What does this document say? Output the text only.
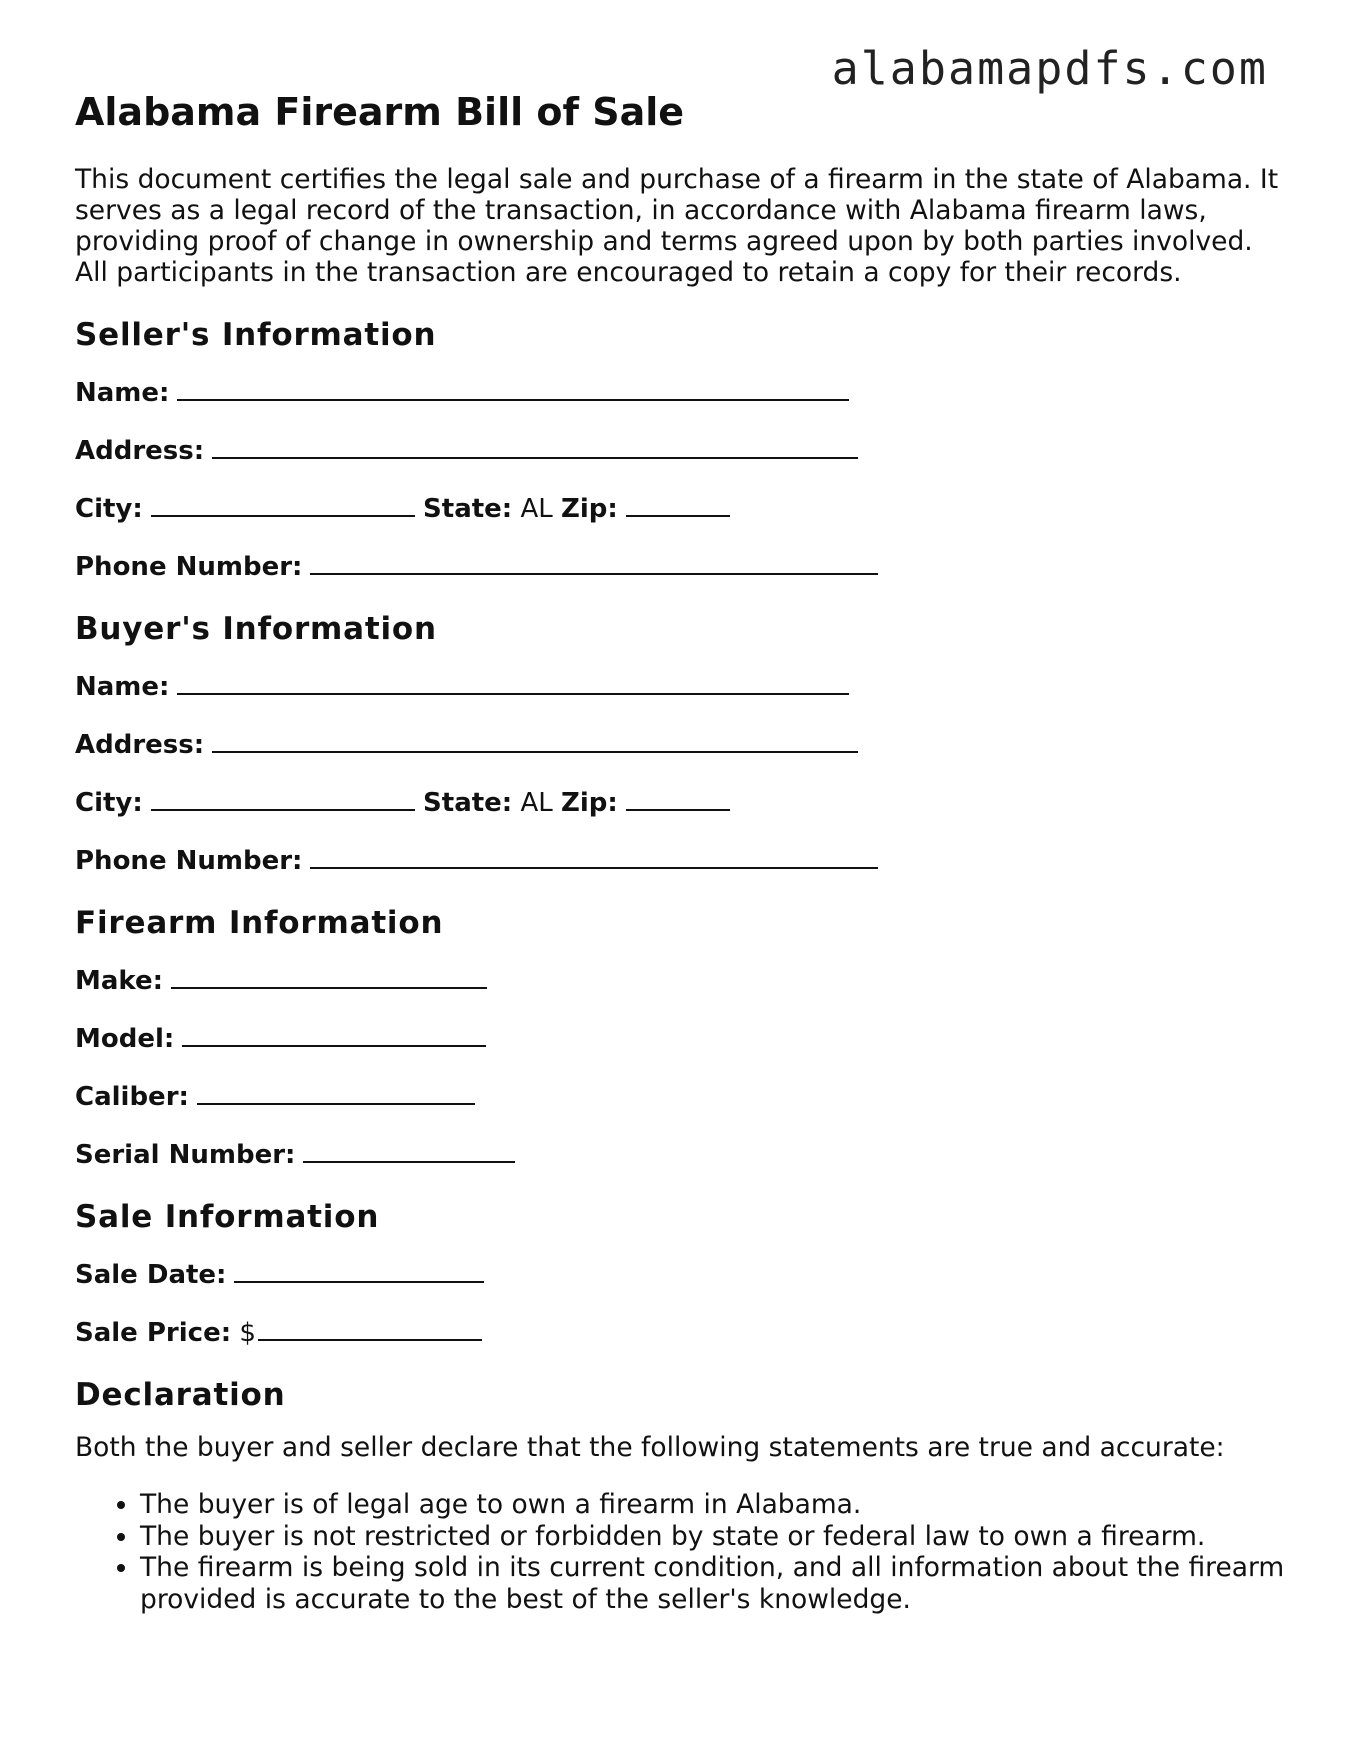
alabamapdfs.com
Alabama Firearm Bill of Sale

This document certifies the legal sale and purchase of a firearm in the state of Alabama. It serves as a legal record of the transaction, in accordance with Alabama firearm laws, providing proof of change in ownership and terms agreed upon by both parties involved. All participants in the transaction are encouraged to retain a copy for their records.

Seller's Information
Name:
Address:
City:	State: AL Zip:
Phone Number:
Buyer's Information
Name:
Address:
City:	State: AL Zip:
Phone Number:
Firearm Information
Make:
Model:
Caliber:
Serial Number:
Sale Information
Sale Date:
Sale Price: $
Declaration
Both the buyer and seller declare that the following statements are true and accurate:
• The buyer is of legal age to own a firearm in Alabama.
• The buyer is not restricted or forbidden by state or federal law to own a firearm.
• The firearm is being sold in its current condition, and all information about the firearm provided is accurate to the best of the seller's knowledge.
